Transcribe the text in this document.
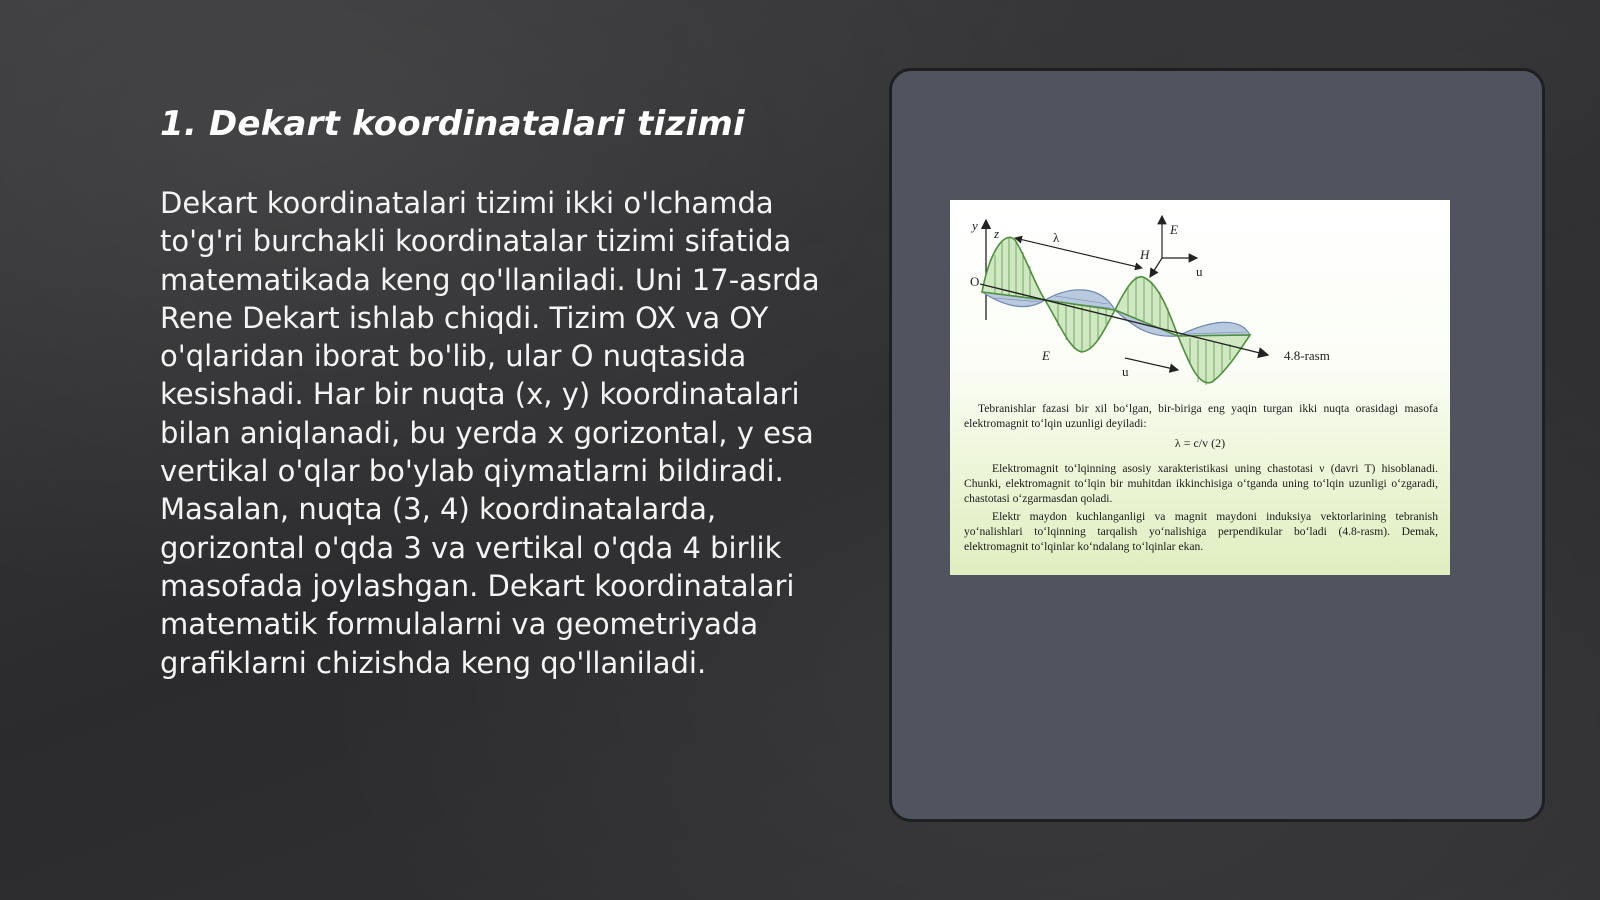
1. Dekart koordinatalari tizimi

Dekart koordinatalari tizimi ikki o'lchamda to'g'ri burchakli koordinatalar tizimi sifatida matematikada keng qo'llaniladi. Uni 17-asrda Rene Dekart ishlab chiqdi. Tizim OX va OY o'qlaridan iborat bo'lib, ular O nuqtasida kesishadi. Har bir nuqta (x, y) koordinatalari bilan aniqlanadi, bu yerda x gorizontal, y esa vertikal o'qlar bo'ylab qiymatlarni bildiradi. Masalan, nuqta (3, 4) koordinatalarda, gorizontal o'qda 3 va vertikal o'qda 4 birlik masofada joylashgan. Dekart koordinatalari matematik formulalarni va geometriyada grafiklarni chizishda keng qo'llaniladi.

y
z
O
λ
H
E
u
E
u
4.8-rasm

Tebranishlar fazasi bir xil bo‘lgan, bir-biriga eng yaqin turgan ikki nuqta orasidagi masofa elektromagnit to‘lqin uzunligi deyiladi:

λ = c/v (2)

Elektromagnit to‘lqinning asosiy xarakteristikasi uning chastotasi ν (davri T) hisoblanadi. Chunki, elektromagnit to‘lqin bir muhitdan ikkinchisiga o‘tganda uning to‘lqin uzunligi o‘zgaradi, chastotasi o‘zgarmasdan qoladi.

Elektr maydon kuchlanganligi va magnit maydoni induksiya vektorlarining tebranish yo‘nalishlari to‘lqinning tarqalish yo‘nalishiga perpendikular bo‘ladi (4.8-rasm). Demak, elektromagnit to‘lqinlar ko‘ndalang to‘lqinlar ekan.
